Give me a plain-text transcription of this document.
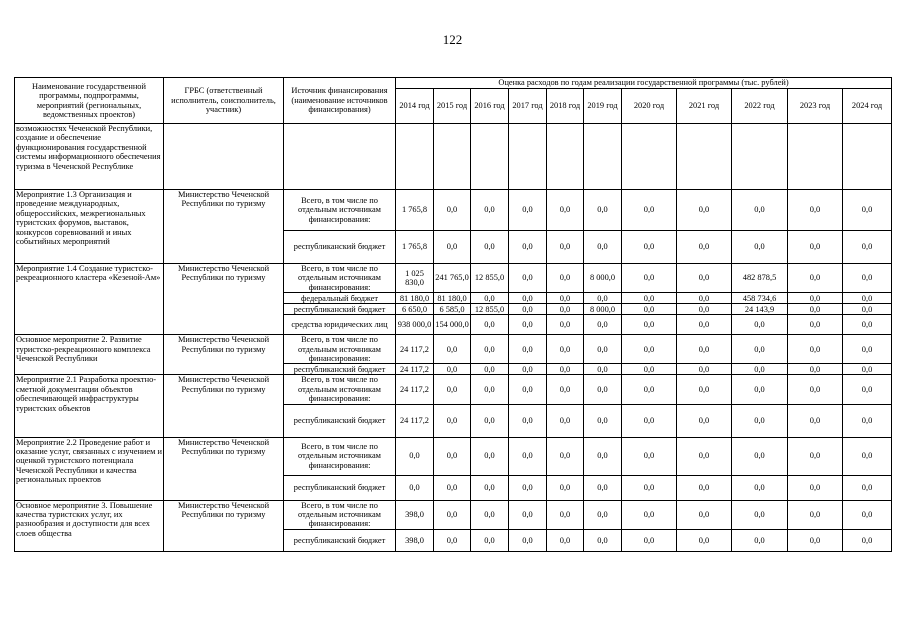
122
Наименование государственной программы, подпрограммы, мероприятий (региональных, ведомственных проектов)	ГРБС (ответственный исполнитель, соисполнитель, участник)	Источник финансирования (наименование источников финансирования)	Оценка расходов по годам реализации государственной программы (тыс. рублей)										
			2014 год	2015 год	2016 год	2017 год	2018 год	2019 год	2020 год	2021 год	2022 год	2023 год	2024 год
возможностях Чеченской Республики, создание и обеспечение функционирования государственной системы информационного обеспечения туризма в Чеченской Республике													
Мероприятие 1.3 Организация и проведение международных, общероссийских, межрегиональных туристских форумов, выставок, конкурсов соревнований и иных событийных мероприятий	Министерство Чеченской Республики по туризму	Всего, в том числе по отдельным источникам финансирования:	1 765,8	0,0	0,0	0,0	0,0	0,0	0,0	0,0	0,0	0,0	0,0
		республиканский бюджет	1 765,8	0,0	0,0	0,0	0,0	0,0	0,0	0,0	0,0	0,0	0,0
Мероприятие 1.4 Создание туристско-рекреационного кластера «Кезеной-Ам»	Министерство Чеченской Республики по туризму	Всего, в том числе по отдельным источникам финансирования:	1 025 830,0	241 765,0	12 855,0	0,0	0,0	8 000,0	0,0	0,0	482 878,5	0,0	0,0
		федеральный бюджет	81 180,0	81 180,0	0,0	0,0	0,0	0,0	0,0	0,0	458 734,6	0,0	0,0
		республиканский бюджет	6 650,0	6 585,0	12 855,0	0,0	0,0	8 000,0	0,0	0,0	24 143,9	0,0	0,0
		средства юридических лиц	938 000,0	154 000,0	0,0	0,0	0,0	0,0	0,0	0,0	0,0	0,0	0,0
Основное мероприятие 2. Развитие туристско-рекреационного комплекса Чеченской Республики	Министерство Чеченской Республики по туризму	Всего, в том числе по отдельным источникам финансирования:	24 117,2	0,0	0,0	0,0	0,0	0,0	0,0	0,0	0,0	0,0	0,0
		республиканский бюджет	24 117,2	0,0	0,0	0,0	0,0	0,0	0,0	0,0	0,0	0,0	0,0
Мероприятие 2.1 Разработка проектно-сметной документации объектов обеспечивающей инфраструктуры туристских объектов	Министерство Чеченской Республики по туризму	Всего, в том числе по отдельным источникам финансирования:	24 117,2	0,0	0,0	0,0	0,0	0,0	0,0	0,0	0,0	0,0	0,0
		республиканский бюджет	24 117,2	0,0	0,0	0,0	0,0	0,0	0,0	0,0	0,0	0,0	0,0
Мероприятие 2.2 Проведение работ и оказание услуг, связанных с изучением и оценкой туристского потенциала Чеченской Республики и качества региональных проектов	Министерство Чеченской Республики по туризму	Всего, в том числе по отдельным источникам финансирования:	0,0	0,0	0,0	0,0	0,0	0,0	0,0	0,0	0,0	0,0	0,0
		республиканский бюджет	0,0	0,0	0,0	0,0	0,0	0,0	0,0	0,0	0,0	0,0	0,0
Основное мероприятие 3. Повышение качества туристских услуг, их разнообразия и доступности для всех слоев общества	Министерство Чеченской Республики по туризму	Всего, в том числе по отдельным источникам финансирования:	398,0	0,0	0,0	0,0	0,0	0,0	0,0	0,0	0,0	0,0	0,0
		республиканский бюджет	398,0	0,0	0,0	0,0	0,0	0,0	0,0	0,0	0,0	0,0	0,0
